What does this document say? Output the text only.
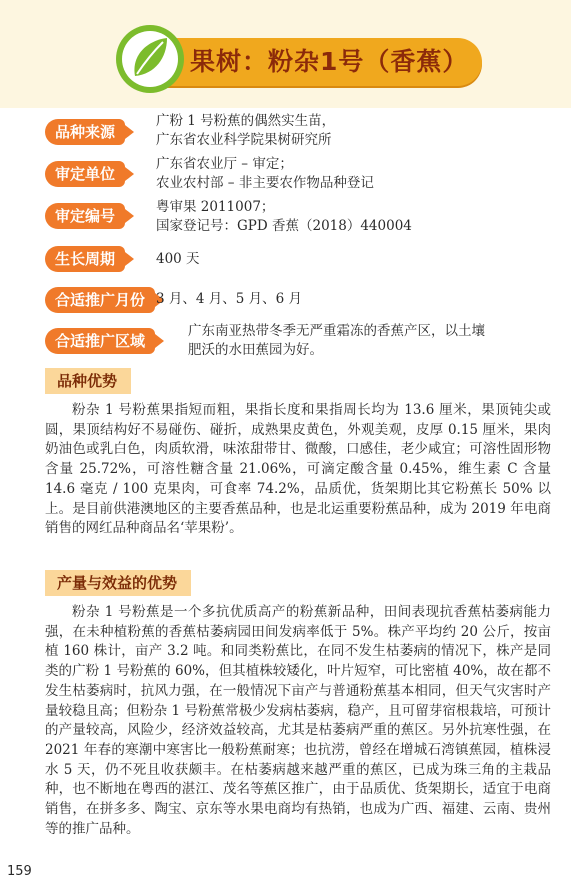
果树：粉杂1号（香蕉）
品种来源
广粉 1 号粉蕉的偶然实生苗，
广东省农业科学院果树研究所
审定单位
广东省农业厅 – 审定；
农业农村部 – 非主要农作物品种登记
审定编号	粤审果 2011007；
国家登记号：GPD 香蕉（2018）440004
生长周期	400 天
合适推广月份 3 月、4 月、5 月、6 月
合适推广区域
广东南亚热带冬季无严重霜冻的香蕉产区，以土壤
肥沃的水田蕉园为好。
品种优势

粉杂 1 号粉蕉果指短而粗，果指长度和果指周长均为 13.6 厘米，果顶钝尖或圆，果顶结构好不易碰伤、碰折，成熟果皮黄色，外观美观，皮厚 0.15 厘米，果肉奶油色或乳白色，肉质软滑，味浓甜带甘、微酸，口感佳，老少咸宜；可溶性固形物含量 25.72%，可溶性糖含量 21.06%，可滴定酸含量 0.45%，维生素 C 含量 14.6 毫克 / 100 克果肉，可食率 74.2%，品质优，货架期比其它粉蕉长 50% 以上。是目前供港澳地区的主要香蕉品种，也是北运重要粉蕉品种，成为 2019 年电商销售的网红品种商品名‘苹果粉’。

产量与效益的优势

粉杂 1 号粉蕉是一个多抗优质高产的粉蕉新品种，田间表现抗香蕉枯萎病能力强，在未种植粉蕉的香蕉枯萎病园田间发病率低于 5%。株产平均约 20 公斤，按亩植 160 株计，亩产 3.2 吨。和同类粉蕉比，在同不发生枯萎病的情况下，株产是同类的广粉 1 号粉蕉的 60%，但其植株较矮化，叶片短窄，可比密植 40%，故在都不发生枯萎病时，抗风力强，在一般情况下亩产与普通粉蕉基本相同，但天气灾害时产量较稳且高；但粉杂 1 号粉蕉常极少发病枯萎病，稳产，且可留芽宿根栽培，可预计的产量较高，风险少，经济效益较高，尤其是枯萎病严重的蕉区。另外抗寒性强，在 2021 年春的寒潮中寒害比一般粉蕉耐寒；也抗涝，曾经在增城石湾镇蕉园，植株浸水 5 天，仍不死且收获颇丰。在枯萎病越来越严重的蕉区，已成为珠三角的主栽品种，也不断地在粤西的湛江、茂名等蕉区推广，由于品质优、货架期长，适宜于电商销售，在拼多多、陶宝、京东等水果电商均有热销，也成为广西、福建、云南、贵州等的推广品种。

159
